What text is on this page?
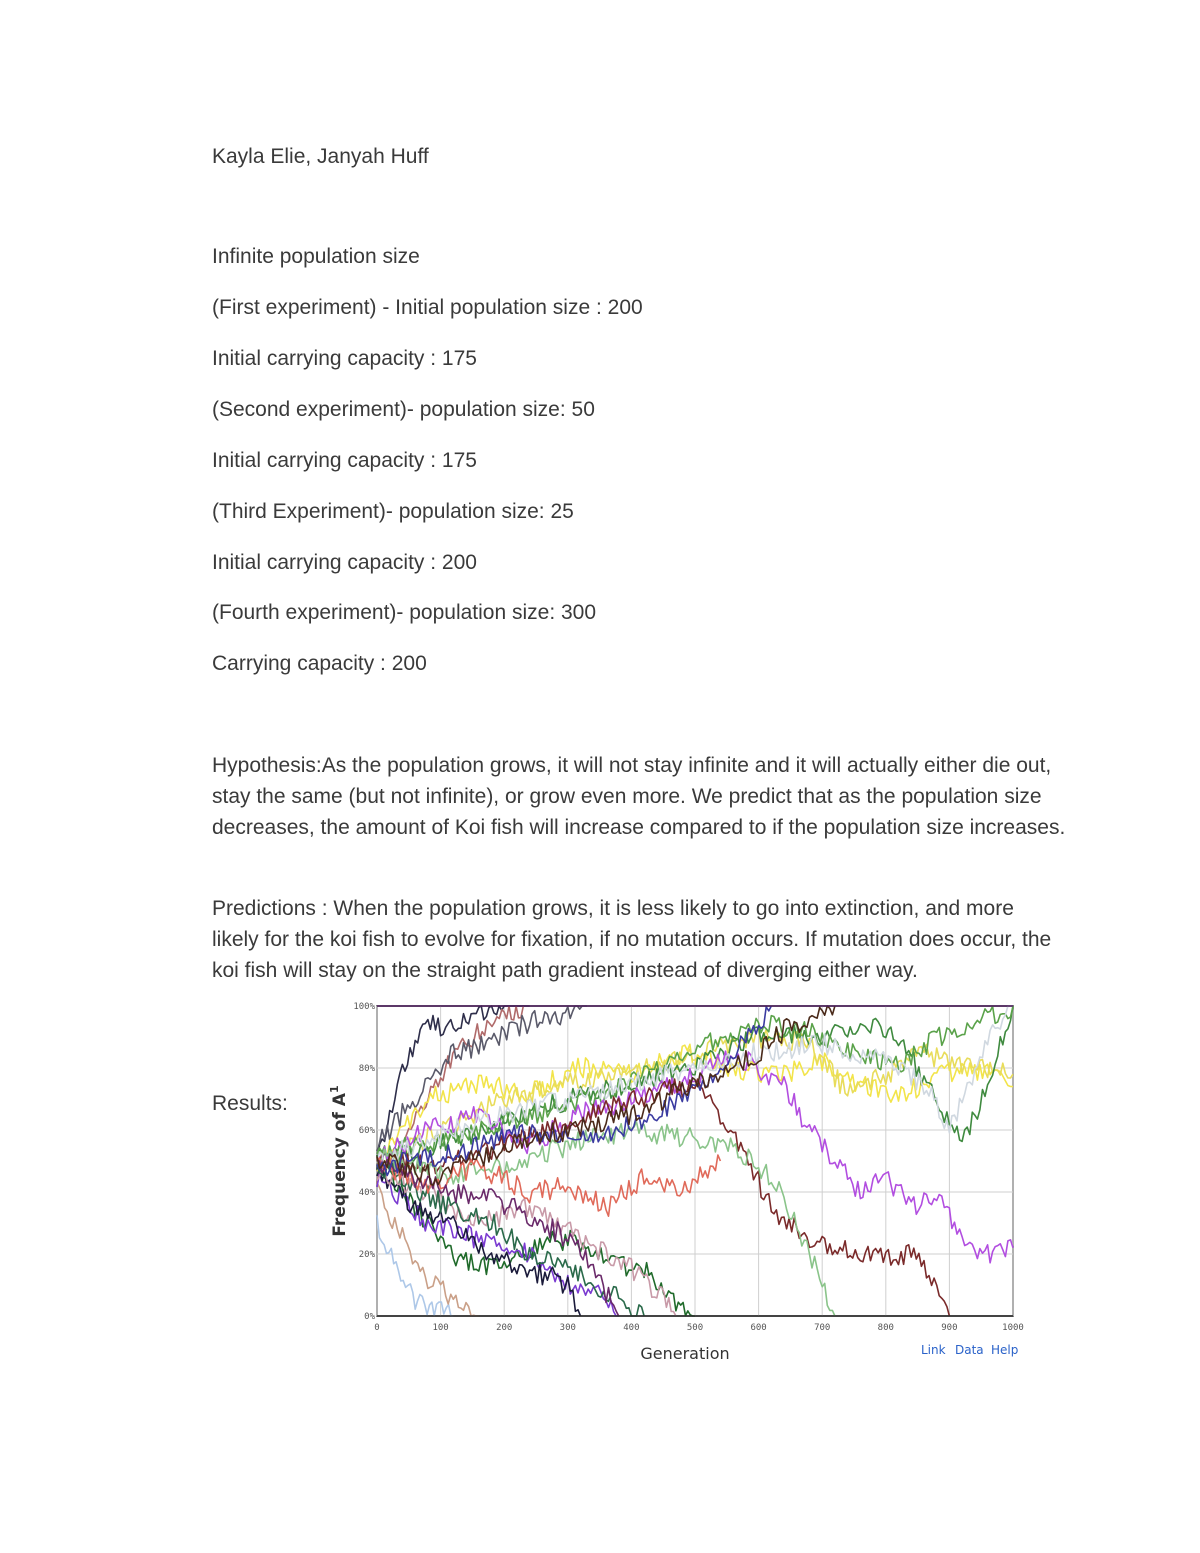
Kayla Elie, Janyah Huff
Infinite population size
(First experiment) - Initial population size : 200
Initial carrying capacity : 175
(Second experiment)- population size: 50
Initial carrying capacity : 175
(Third Experiment)- population size: 25
Initial carrying capacity : 200
(Fourth experiment)- population size: 300
Carrying capacity : 200
Hypothesis:As the population grows, it will not stay infinite and it will actually either die out, stay the same (but not infinite), or grow even more. We predict that as the population size decreases, the amount of Koi fish will increase compared to if the population size increases.
Predictions : When the population grows, it is less likely to go into extinction, and more likely for the koi fish to evolve for fixation, if no mutation occurs. If mutation does occur, the koi fish will stay on the straight path gradient instead of diverging either way.
Results:
0%
20%
40%
60%
80%
100%
0	100	200	300	400	500	600	700	800	900	1000
Generation
Frequency of $A^1$
Link Data Help
